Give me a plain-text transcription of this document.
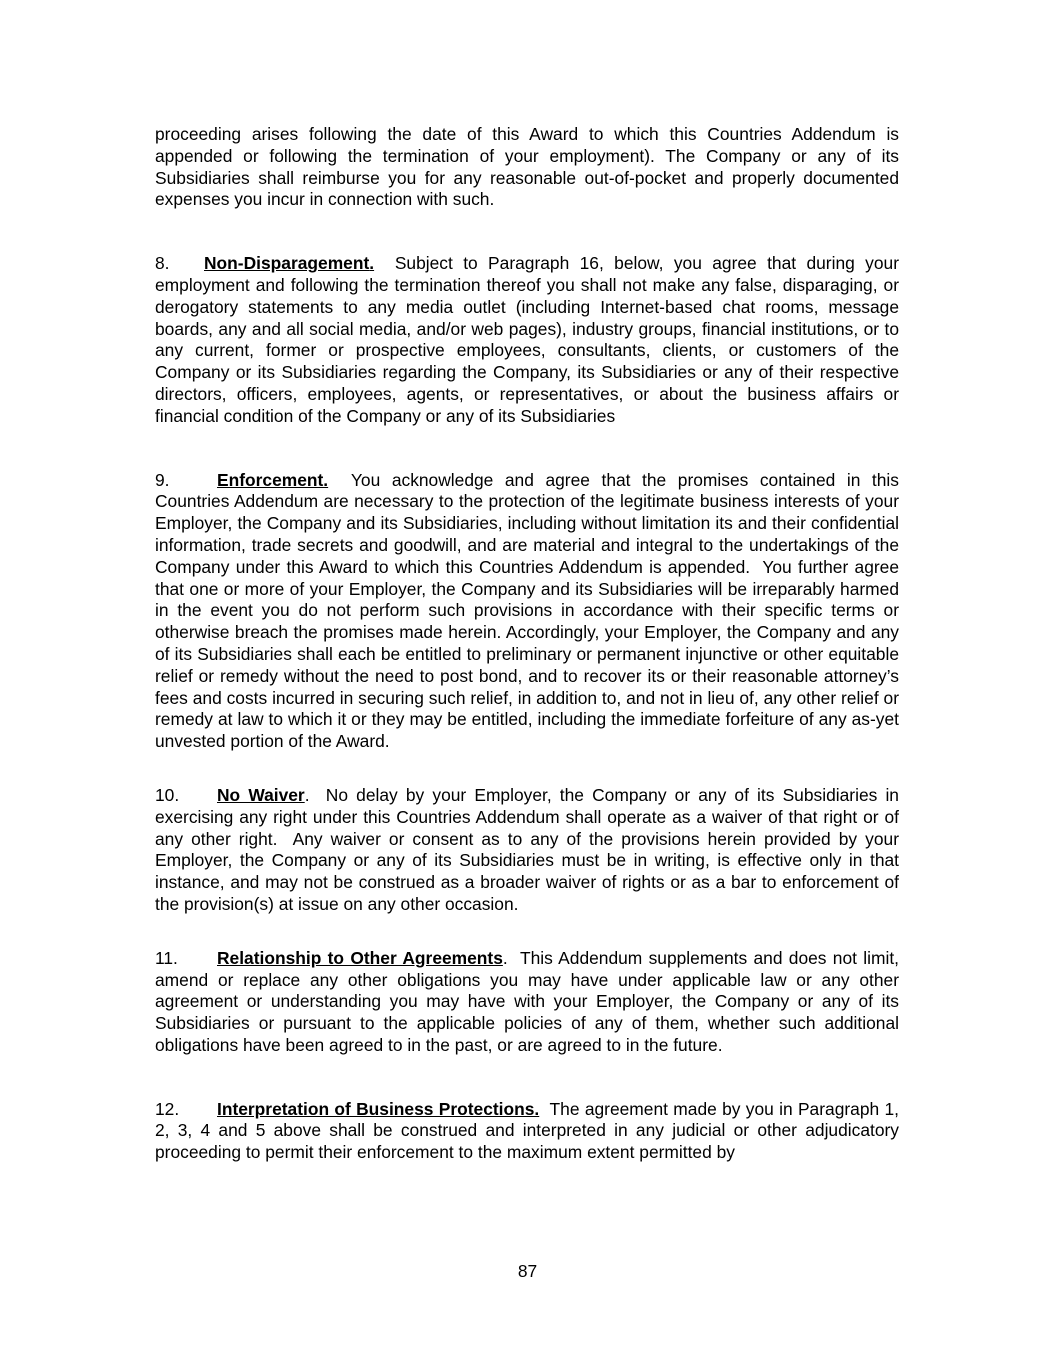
proceeding arises following the date of this Award to which this Countries Addendum is appended or following the termination of your employment). The Company or any of its Subsidiaries shall reimburse you for any reasonable out-of-pocket and properly documented expenses you incur in connection with such.

8. Non-Disparagement.  Subject to Paragraph 16, below, you agree that during your employment and following the termination thereof you shall not make any false, disparaging, or derogatory statements to any media outlet (including Internet-based chat rooms, message boards, any and all social media, and/or web pages), industry groups, financial institutions, or to any current, former or prospective employees, consultants, clients, or customers of the Company or its Subsidiaries regarding the Company, its Subsidiaries or any of their respective directors, officers, employees, agents, or representatives, or about the business affairs or financial condition of the Company or any of its Subsidiaries

9.	Enforcement.  You acknowledge and agree that the promises contained in this Countries Addendum are necessary to the protection of the legitimate business interests of your Employer, the Company and its Subsidiaries, including without limitation its and their confidential information, trade secrets and goodwill, and are material and integral to the undertakings of the Company under this Award to which this Countries Addendum is appended.  You further agree that one or more of your Employer, the Company and its Subsidiaries will be irreparably harmed in the event you do not perform such provisions in accordance with their specific terms or otherwise breach the promises made herein. Accordingly, your Employer, the Company and any of its Subsidiaries shall each be entitled to preliminary or permanent injunctive or other equitable relief or remedy without the need to post bond, and to recover its or their reasonable attorney’s fees and costs incurred in securing such relief, in addition to, and not in lieu of, any other relief or remedy at law to which it or they may be entitled, including the immediate forfeiture of any as-yet unvested portion of the Award.

10. No Waiver.  No delay by your Employer, the Company or any of its Subsidiaries in exercising any right under this Countries Addendum shall operate as a waiver of that right or of any other right.  Any waiver or consent as to any of the provisions herein provided by your Employer, the Company or any of its Subsidiaries must be in writing, is effective only in that instance, and may not be construed as a broader waiver of rights or as a bar to enforcement of the provision(s) at issue on any other occasion.

11. Relationship to Other Agreements.  This Addendum supplements and does not limit, amend or replace any other obligations you may have under applicable law or any other agreement or understanding you may have with your Employer, the Company or any of its Subsidiaries or pursuant to the applicable policies of any of them, whether such additional obligations have been agreed to in the past, or are agreed to in the future.

12. Interpretation of Business Protections.  The agreement made by you in Paragraph 1, 2, 3, 4 and 5 above shall be construed and interpreted in any judicial or other adjudicatory proceeding to permit their enforcement to the maximum extent permitted by

87
